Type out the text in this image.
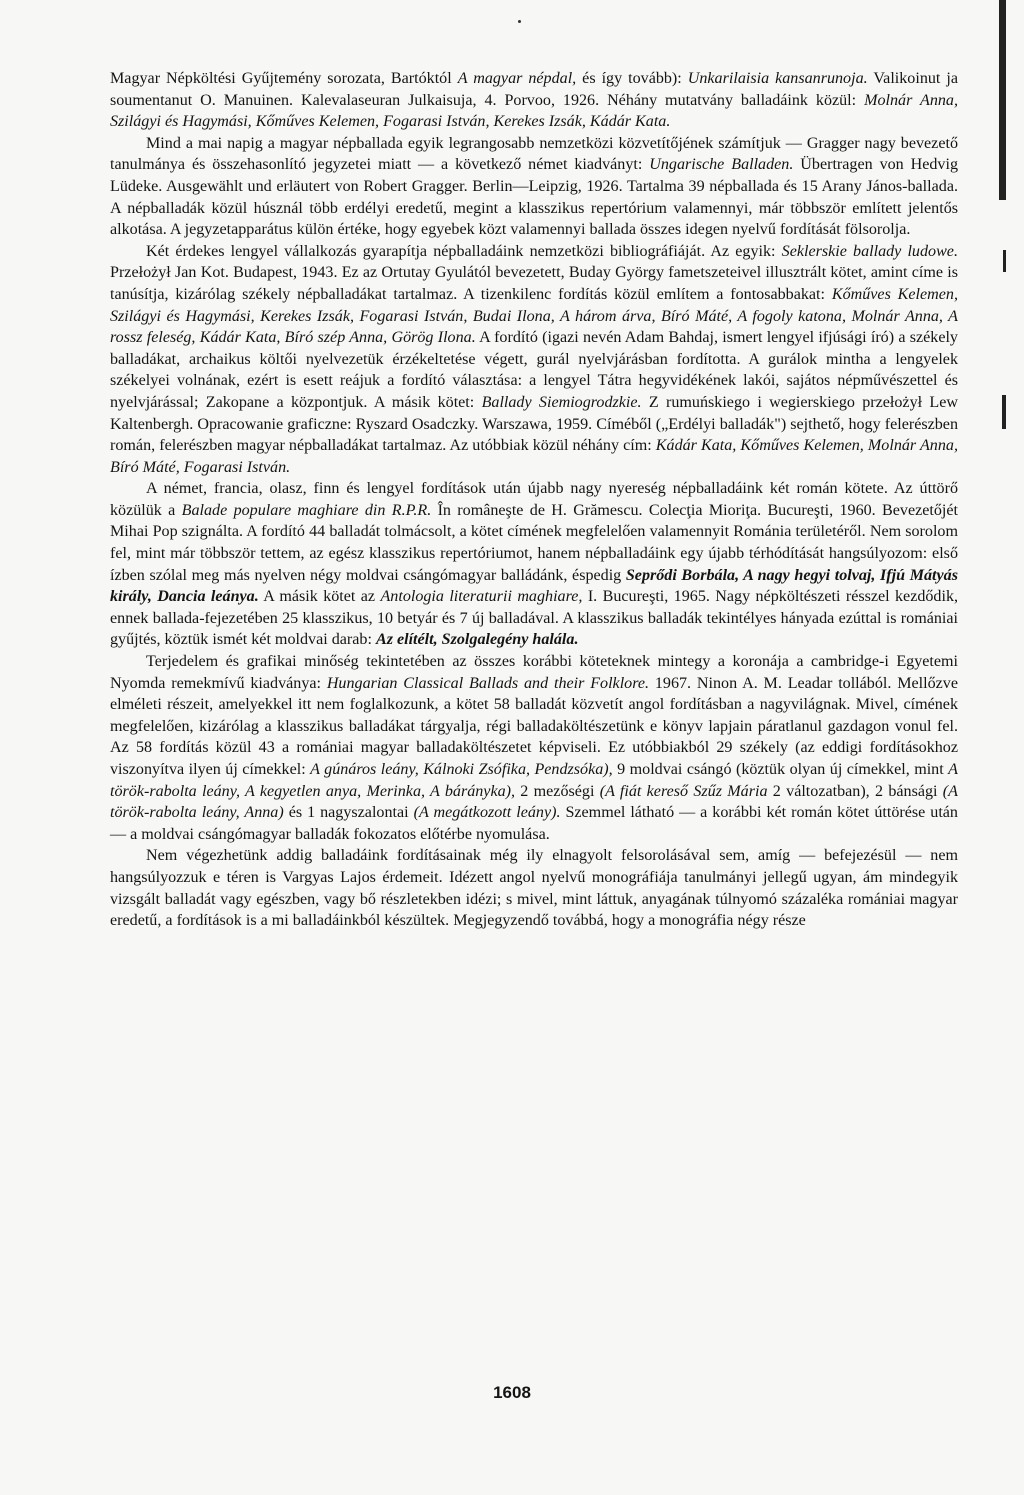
Magyar Népköltési Gyűjtemény sorozata, Bartóktól A magyar népdal, és így tovább): Unkarilaisia kansanrunoja. Valikoinut ja soumentanut O. Manuinen. Kalevalaseuran Julkaisuja, 4. Porvoo, 1926. Néhány mutatvány balladáink közül: Molnár Anna, Szilágyi és Hagymási, Kőműves Kelemen, Fogarasi István, Kerekes Izsák, Kádár Kata.

Mind a mai napig a magyar népballada egyik legrangosabb nemzetközi közvetítőjének számítjuk — Gragger nagy bevezető tanulmánya és összehasonlító jegyzetei miatt — a következő német kiadványt: Ungarische Balladen. Übertragen von Hedvig Lüdeke. Ausgewählt und erläutert von Robert Gragger. Berlin—Leipzig, 1926. Tartalma 39 népballada és 15 Arany János-ballada. A népballadák közül húsznál több erdélyi eredetű, megint a klasszikus repertórium valamennyi, már többször említett jelentős alkotása. A jegyzetapparátus külön értéke, hogy egyebek közt valamennyi ballada összes idegen nyelvű fordítását fölsorolja.

Két érdekes lengyel vállalkozás gyarapítja népballadáink nemzetközi bibliográfiáját. Az egyik: Seklerskie ballady ludowe. Przełożył Jan Kot. Budapest, 1943. Ez az Ortutay Gyulától bevezetett, Buday György fametszeteivel illusztrált kötet, amint címe is tanúsítja, kizárólag székely népballadákat tartalmaz. A tizenkilenc fordítás közül említem a fontosabbakat: Kőműves Kelemen, Szilágyi és Hagymási, Kerekes Izsák, Fogarasi István, Budai Ilona, A három árva, Bíró Máté, A fogoly katona, Molnár Anna, A rossz feleség, Kádár Kata, Bíró szép Anna, Görög Ilona. A fordító (igazi nevén Adam Bahdaj, ismert lengyel ifjúsági író) a székely balladákat, archaikus költői nyelvezetük érzékeltetése végett, gurál nyelvjárásban fordította. A gurálok mintha a lengyelek székelyei volnának, ezért is esett reájuk a fordító választása: a lengyel Tátra hegyvidékének lakói, sajátos népművészettel és nyelvjárással; Zakopane a központjuk. A másik kötet: Ballady Siemiogrodzkie. Z rumuńskiego i wegierskiego przełożył Lew Kaltenbergh. Opracowanie graficzne: Ryszard Osadczky. Warszawa, 1959. Címéből („Erdélyi balladák") sejthető, hogy felerészben román, felerészben magyar népballadákat tartalmaz. Az utóbbiak közül néhány cím: Kádár Kata, Kőműves Kelemen, Molnár Anna, Bíró Máté, Fogarasi István.

A német, francia, olasz, finn és lengyel fordítások után újabb nagy nyereség népballadáink két román kötete. Az úttörő közülük a Balade populare maghiare din R.P.R. În româneşte de H. Grămescu. Colecţia Mioriţa. Bucureşti, 1960. Bevezetőjét Mihai Pop szignálta. A fordító 44 balladát tolmácsolt, a kötet címének megfelelően valamennyit Románia területéről. Nem sorolom fel, mint már többször tettem, az egész klasszikus repertóriumot, hanem népballadáink egy újabb térhódítását hangsúlyozom: első ízben szólal meg más nyelven négy moldvai csángómagyar balládánk, éspedig Seprődi Borbála, A nagy hegyi tolvaj, Ifjú Mátyás király, Dancia leánya. A másik kötet az Antologia literaturii maghiare, I. Bucureşti, 1965. Nagy népköltészeti résszel kezdődik, ennek ballada-fejezetében 25 klasszikus, 10 betyár és 7 új balladával. A klasszikus balladák tekintélyes hányada ezúttal is romániai gyűjtés, köztük ismét két moldvai darab: Az elítélt, Szolgalegény halála.

Terjedelem és grafikai minőség tekintetében az összes korábbi köteteknek mintegy a koronája a cambridge-i Egyetemi Nyomda remekmívű kiadványa: Hungarian Classical Ballads and their Folklore. 1967. Ninon A. M. Leadar tollából. Mellőzve elméleti részeit, amelyekkel itt nem foglalkozunk, a kötet 58 balladát közvetít angol fordításban a nagyvilágnak. Mivel, címének megfelelően, kizárólag a klasszikus balladákat tárgyalja, régi balladaköltészetünk e könyv lapjain páratlanul gazdagon vonul fel. Az 58 fordítás közül 43 a romániai magyar balladaköltészetet képviseli. Ez utóbbiakból 29 székely (az eddigi fordításokhoz viszonyítva ilyen új címekkel: A gúnáros leány, Kálnoki Zsófika, Pendzsóka), 9 moldvai csángó (köztük olyan új címekkel, mint A török-rabolta leány, A kegyetlen anya, Merinka, A bárányka), 2 mezőségi (A fiát kereső Szűz Mária 2 változatban), 2 bánsági (A török-rabolta leány, Anna) és 1 nagyszalontai (A megátkozott leány). Szemmel látható — a korábbi két román kötet úttörése után — a moldvai csángómagyar balladák fokozatos előtérbe nyomulása.

Nem végezhetünk addig balladáink fordításainak még ily elnagyolt felsorolásával sem, amíg — befejezésül — nem hangsúlyozzuk e téren is Vargyas Lajos érdemeit. Idézett angol nyelvű monográfiája tanulmányi jellegű ugyan, ám mindegyik vizsgált balladát vagy egészben, vagy bő részletekben idézi; s mivel, mint láttuk, anyagának túlnyomó százaléka romániai magyar eredetű, a fordítások is a mi balladáinkból készültek. Megjegyzendő továbbá, hogy a monográfia négy része

1608
